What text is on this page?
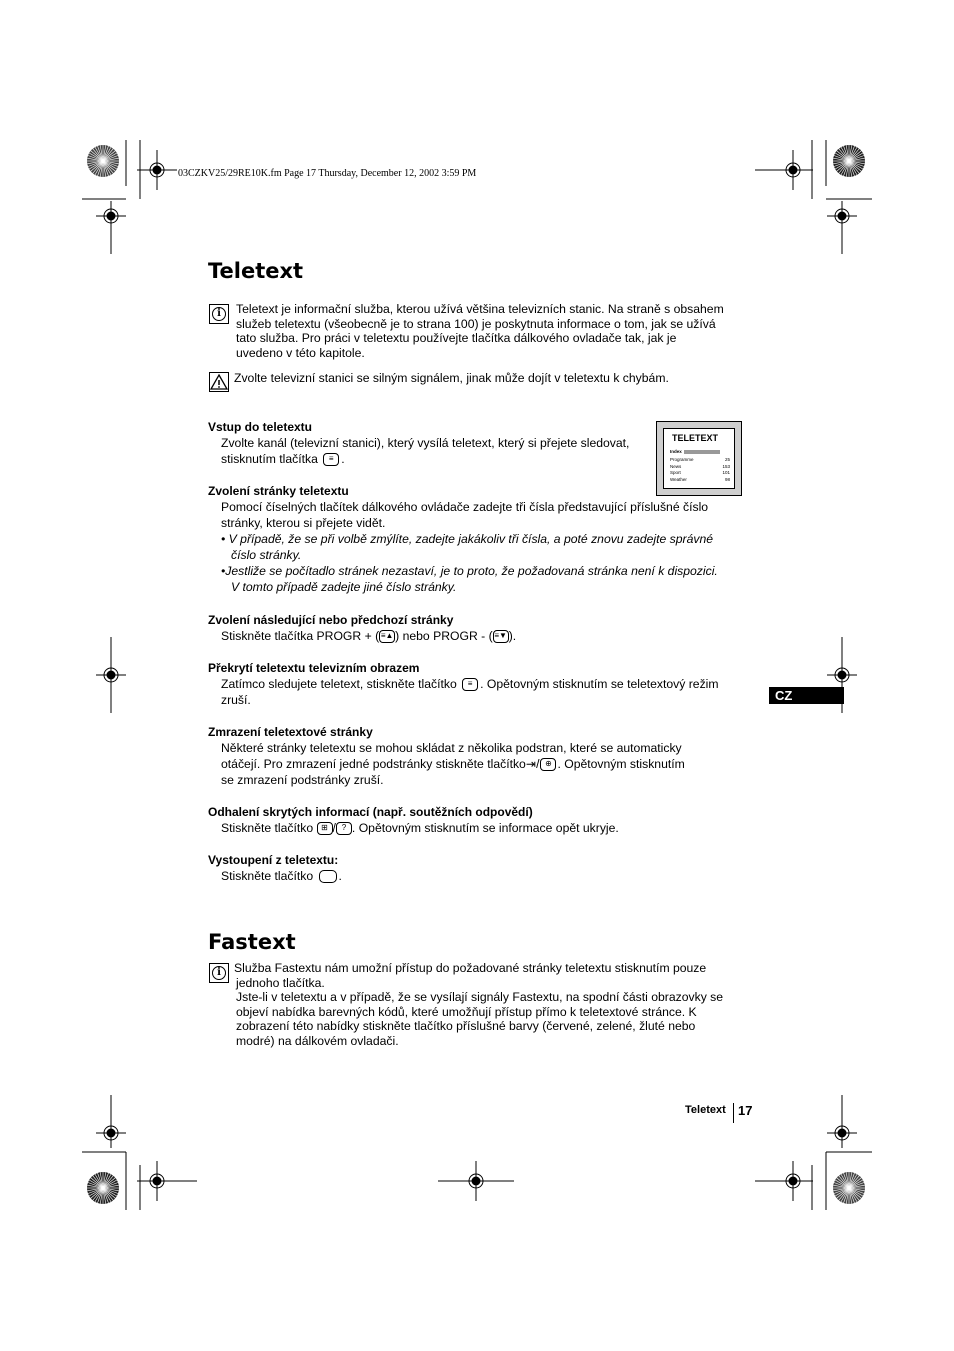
03CZKV25/29RE10K.fm Page 17 Thursday, December 12, 2002 3:59 PM
Teletext
i	Teletext je informační služba, kterou užívá většina televizních stanic. Na straně s obsahem
služeb teletextu (všeobecně je to strana 100) je poskytnuta informace o tom, jak se užívá
tato služba. Pro práci v teletextu používejte tlačítka dálkového ovladače tak, jak je
uvedeno v této kapitole.
Zvolte televizní stanici se silným signálem, jinak může dojít v teletextu k chybám.
TELETEXT
Index
Programme	25
News	153
Sport	101
Weather	98
Vstup do teletextu
Zvolte kanál (televizní stanici), který vysílá teletext, který si přejete sledovat,
stisknutím tlačítka ≡ .
Zvolení stránky teletextu
Pomocí číselných tlačítek dálkového ovládače zadejte tři čísla představující příslušné číslo
stránky, kterou si přejete vidět.
• V případě, že se při volbě zmýlíte, zadejte jakákoliv tři čísla, a poté znovu zadejte správné
číslo stránky.
•Jestliže se počítadlo stránek nezastaví, je to proto, že požadovaná stránka není k dispozici.
V tomto případě zadejte jiné číslo stránky.
Zvolení následující nebo předchozí stránky
Stiskněte tlačítka PROGR + ( ≡▲ ) nebo PROGR - ( ≡▼ ).
Překrytí teletextu televizním obrazem
Zatímco sledujete teletext, stiskněte tlačítko ≡ . Opětovným stisknutím se teletextový režim
zruší.
Zmrazení teletextové stránky
Některé stránky teletextu se mohou skládat z několika podstran, které se automaticky
otáčejí. Pro zmrazení jedné podstránky stiskněte tlačítko⇥/ ⊕ . Opětovným stisknutím
se zmrazení podstránky zruší.
Odhalení skrytých informací (např. soutěžních odpovědí)
Stiskněte tlačítko ⊞ / ? . Opětovným stisknutím se informace opět ukryje.
Vystoupení z teletextu:
Stiskněte tlačítko .
Fastext
i	Služba Fastextu nám umožní přístup do požadované stránky teletextu stisknutím pouze
jednoho tlačítka.
Jste-li v teletextu a v případě, že se vysílají signály Fastextu, na spodní části obrazovky se
objeví nabídka barevných kódů, které umožňují přístup přímo k teletextové stránce. K
zobrazení této nabídky stiskněte tlačítko příslušné barvy (červené, zelené, žluté nebo
modré) na dálkovém ovladači.
CZ
Teletext 17
